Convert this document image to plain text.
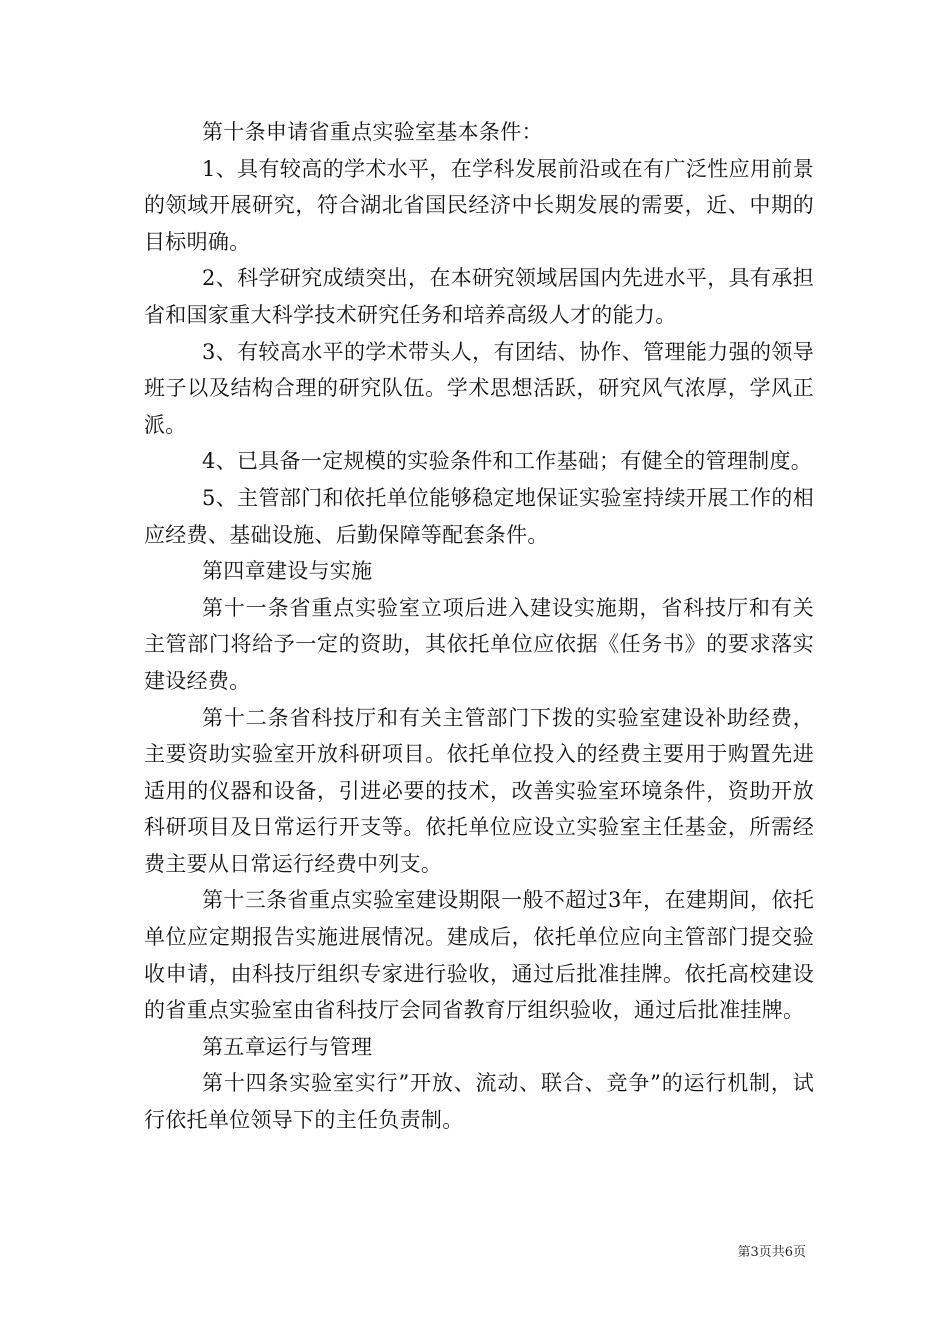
第十条申请省重点实验室基本条件：

1、具有较高的学术水平，在学科发展前沿或在有广泛性应用前景的领域开展研究，符合湖北省国民经济中长期发展的需要，近、中期的目标明确。

2、科学研究成绩突出，在本研究领域居国内先进水平，具有承担省和国家重大科学技术研究任务和培养高级人才的能力。

3、有较高水平的学术带头人，有团结、协作、管理能力强的领导班子以及结构合理的研究队伍。学术思想活跃，研究风气浓厚，学风正派。

4、已具备一定规模的实验条件和工作基础；有健全的管理制度。

5、主管部门和依托单位能够稳定地保证实验室持续开展工作的相应经费、基础设施、后勤保障等配套条件。

第四章建设与实施

第十一条省重点实验室立项后进入建设实施期，省科技厅和有关主管部门将给予一定的资助，其依托单位应依据《任务书》的要求落实建设经费。

第十二条省科技厅和有关主管部门下拨的实验室建设补助经费，主要资助实验室开放科研项目。依托单位投入的经费主要用于购置先进适用的仪器和设备，引进必要的技术，改善实验室环境条件，资助开放科研项目及日常运行开支等。依托单位应设立实验室主任基金，所需经费主要从日常运行经费中列支。

第十三条省重点实验室建设期限一般不超过3年，在建期间，依托单位应定期报告实施进展情况。建成后，依托单位应向主管部门提交验收申请，由科技厅组织专家进行验收，通过后批准挂牌。依托高校建设的省重点实验室由省科技厅会同省教育厅组织验收，通过后批准挂牌。

第五章运行与管理

第十四条实验室实行”开放、流动、联合、竞争”的运行机制，试行依托单位领导下的主任负责制。

第3页共6页
